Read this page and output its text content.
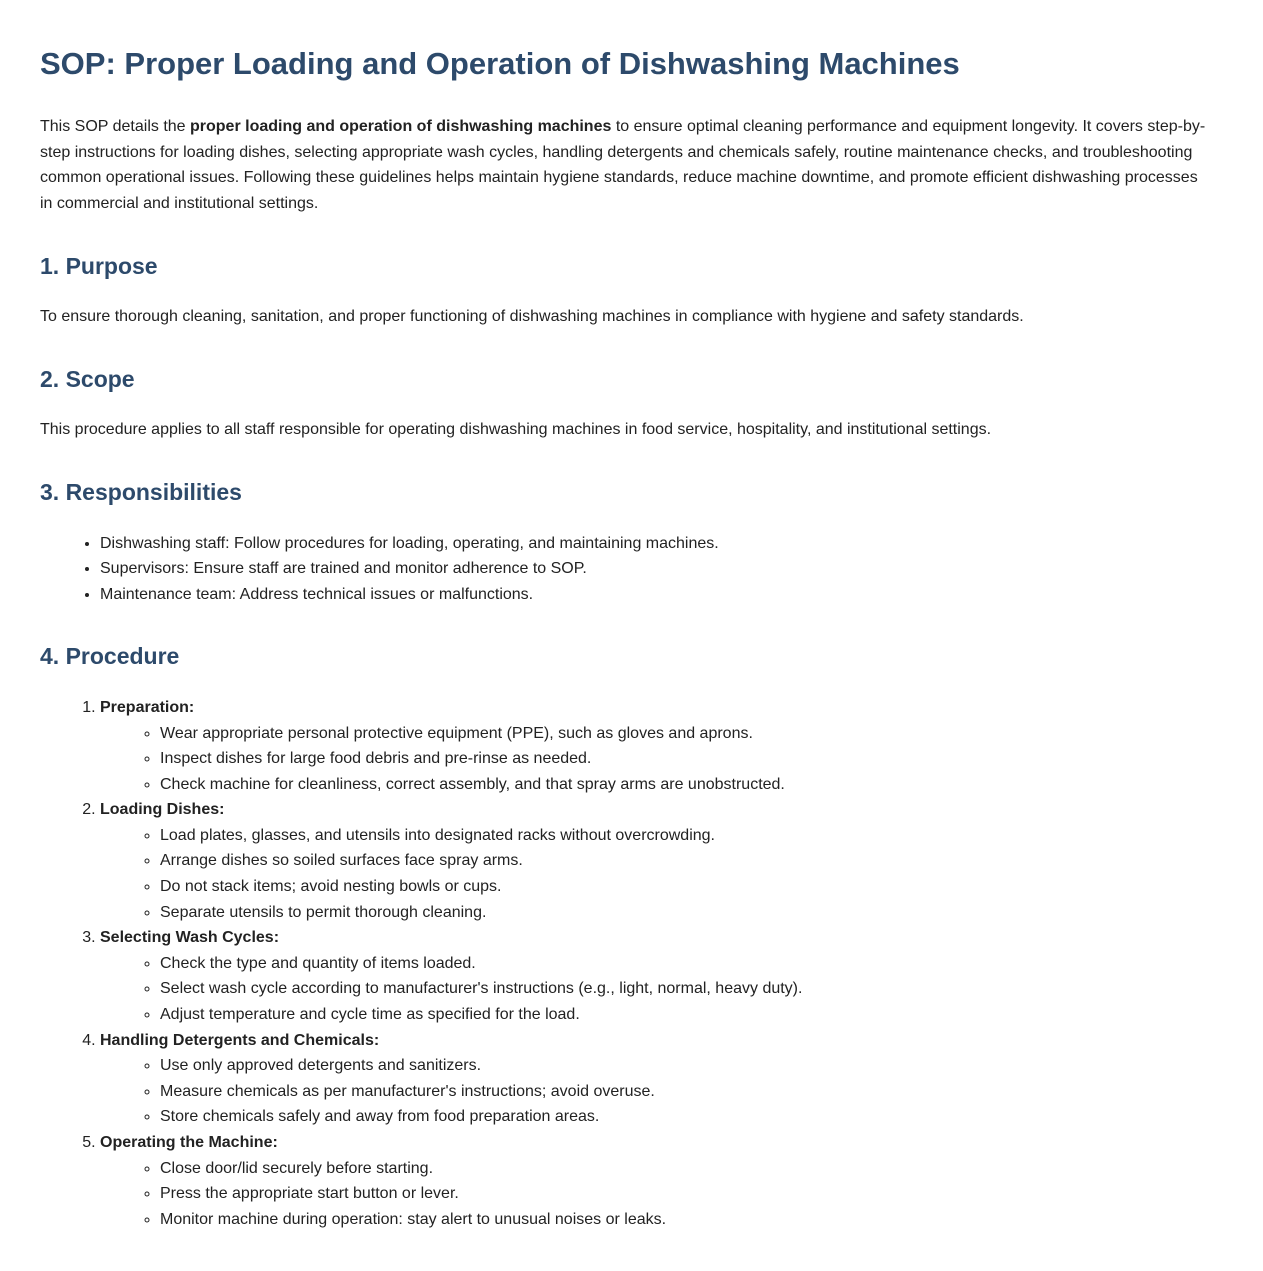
SOP: Proper Loading and Operation of Dishwashing Machines

This SOP details the proper loading and operation of dishwashing machines to ensure optimal cleaning performance and equipment longevity. It covers step-by-step instructions for loading dishes, selecting appropriate wash cycles, handling detergents and chemicals safely, routine maintenance checks, and troubleshooting common operational issues. Following these guidelines helps maintain hygiene standards, reduce machine downtime, and promote efficient dishwashing processes in commercial and institutional settings.

1. Purpose

To ensure thorough cleaning, sanitation, and proper functioning of dishwashing machines in compliance with hygiene and safety standards.

2. Scope

This procedure applies to all staff responsible for operating dishwashing machines in food service, hospitality, and institutional settings.

3. Responsibilities
• Dishwashing staff: Follow procedures for loading, operating, and maintaining machines.
• Supervisors: Ensure staff are trained and monitor adherence to SOP.
• Maintenance team: Address technical issues or malfunctions.
4. Procedure
1. Preparation:
◦ Wear appropriate personal protective equipment (PPE), such as gloves and aprons.
◦ Inspect dishes for large food debris and pre-rinse as needed.
◦ Check machine for cleanliness, correct assembly, and that spray arms are unobstructed.
2. Loading Dishes:
◦ Load plates, glasses, and utensils into designated racks without overcrowding.
◦ Arrange dishes so soiled surfaces face spray arms.
◦ Do not stack items; avoid nesting bowls or cups.
◦ Separate utensils to permit thorough cleaning.
3. Selecting Wash Cycles:
◦ Check the type and quantity of items loaded.
◦ Select wash cycle according to manufacturer's instructions (e.g., light, normal, heavy duty).
◦ Adjust temperature and cycle time as specified for the load.
4. Handling Detergents and Chemicals:
◦ Use only approved detergents and sanitizers.
◦ Measure chemicals as per manufacturer's instructions; avoid overuse.
◦ Store chemicals safely and away from food preparation areas.
5. Operating the Machine:
◦ Close door/lid securely before starting.
◦ Press the appropriate start button or lever.
◦ Monitor machine during operation: stay alert to unusual noises or leaks.
